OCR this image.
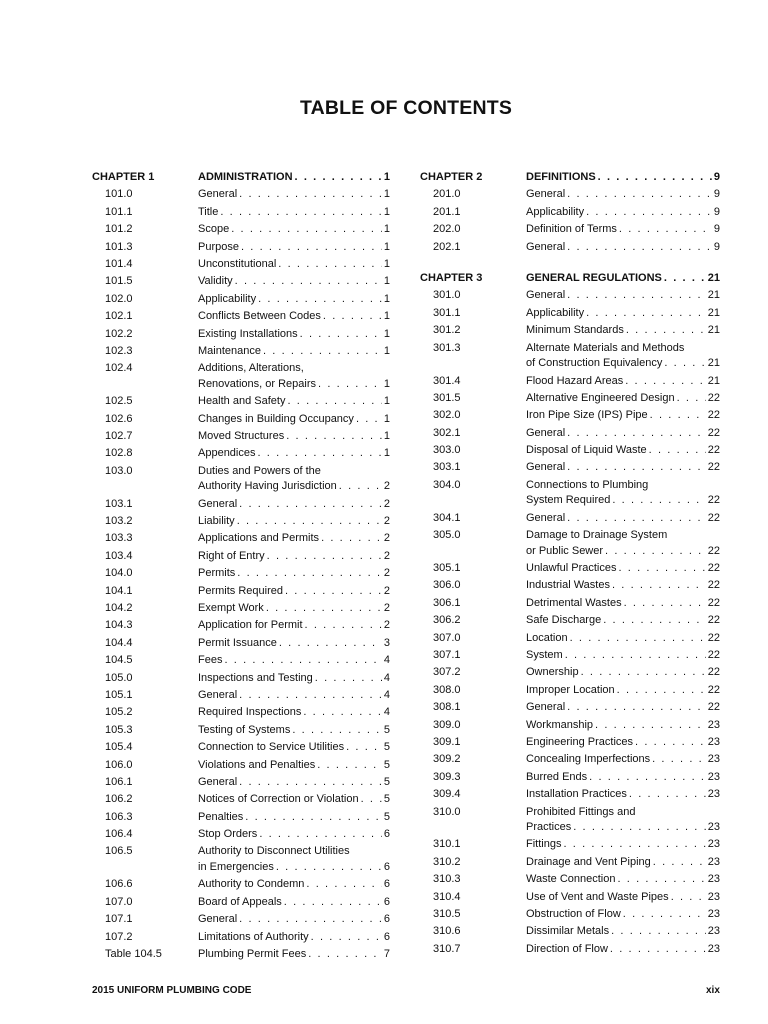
TABLE OF CONTENTS
CHAPTER 1	ADMINISTRATION . . .	1
101.0	General . . .	1
101.1	Title . . .	1
101.2	Scope . . .	1
101.3	Purpose . . .	1
101.4	Unconstitutional . . .	1
101.5	Validity . . .	1
102.0	Applicability . . .	1
102.1	Conflicts Between Codes . . .	1
102.2	Existing Installations . . .	1
102.3	Maintenance . . .	1
102.4	Additions, Alterations,
Renovations, or Repairs . . .	1
102.5	Health and Safety . . .	1
102.6	Changes in Building Occupancy . . .	1
102.7	Moved Structures . . .	1
102.8	Appendices . . .	1
103.0	Duties and Powers of the
Authority Having Jurisdiction . . .	2
103.1	General . . .	2
103.2	Liability . . .	2
103.3	Applications and Permits . . .	2
103.4	Right of Entry . . .	2
104.0	Permits . . .	2
104.1	Permits Required . . .	2
104.2	Exempt Work . . .	2
104.3	Application for Permit . . .	2
104.4	Permit Issuance . . .	3
104.5	Fees . . .	4
105.0	Inspections and Testing . . .	4
105.1	General . . .	4
105.2	Required Inspections . . .	4
105.3	Testing of Systems . . .	5
105.4	Connection to Service Utilities . . .	5
106.0	Violations and Penalties . . .	5
106.1	General . . .	5
106.2	Notices of Correction or Violation . . . 5
106.3	Penalties . . .	5
106.4	Stop Orders . . .	6
106.5	Authority to Disconnect Utilities
in Emergencies . . .	6
106.6	Authority to Condemn . . .	6
107.0	Board of Appeals . . .	6
107.1	General . . .	6
107.2	Limitations of Authority . . .	6
Table 104.5	Plumbing Permit Fees . . .	7
CHAPTER 2	DEFINITIONS . . .	9
201.0	General . . .	9
201.1	Applicability . . .	9
202.0	Definition of Terms . . .	9
202.1	General . . .	9
CHAPTER 3	GENERAL REGULATIONS . . .	21
301.0	General . . .	21
301.1	Applicability . . .	21
301.2	Minimum Standards . . .	21
301.3	Alternate Materials and Methods
of Construction Equivalency . . .	21
301.4	Flood Hazard Areas . . .	21
301.5	Alternative Engineered Design . . .	22
302.0	Iron Pipe Size (IPS) Pipe . . .	22
302.1	General . . .	22
303.0	Disposal of Liquid Waste . . .	22
303.1	General . . .	22
304.0	Connections to Plumbing
System Required . . .	22
304.1	General . . .	22
305.0	Damage to Drainage System
or Public Sewer . . .	22
305.1	Unlawful Practices . . .	22
306.0	Industrial Wastes . . .	22
306.1	Detrimental Wastes . . .	22
306.2	Safe Discharge . . .	22
307.0	Location . . .	22
307.1	System . . .	22
307.2	Ownership . . .	22
308.0	Improper Location . . .	22
308.1	General . . .	22
309.0	Workmanship . . .	23
309.1	Engineering Practices . . .	23
309.2	Concealing Imperfections . . .	23
309.3	Burred Ends . . .	23
309.4	Installation Practices . . .	23
310.0	Prohibited Fittings and
Practices . . .	23
310.1	Fittings . . .	23
310.2	Drainage and Vent Piping . . .	23
310.3	Waste Connection . . .	23
310.4	Use of Vent and Waste Pipes . . .	23
310.5	Obstruction of Flow . . .	23
310.6	Dissimilar Metals . . .	23
310.7	Direction of Flow . . .	23
2015 UNIFORM PLUMBING CODE	xix
